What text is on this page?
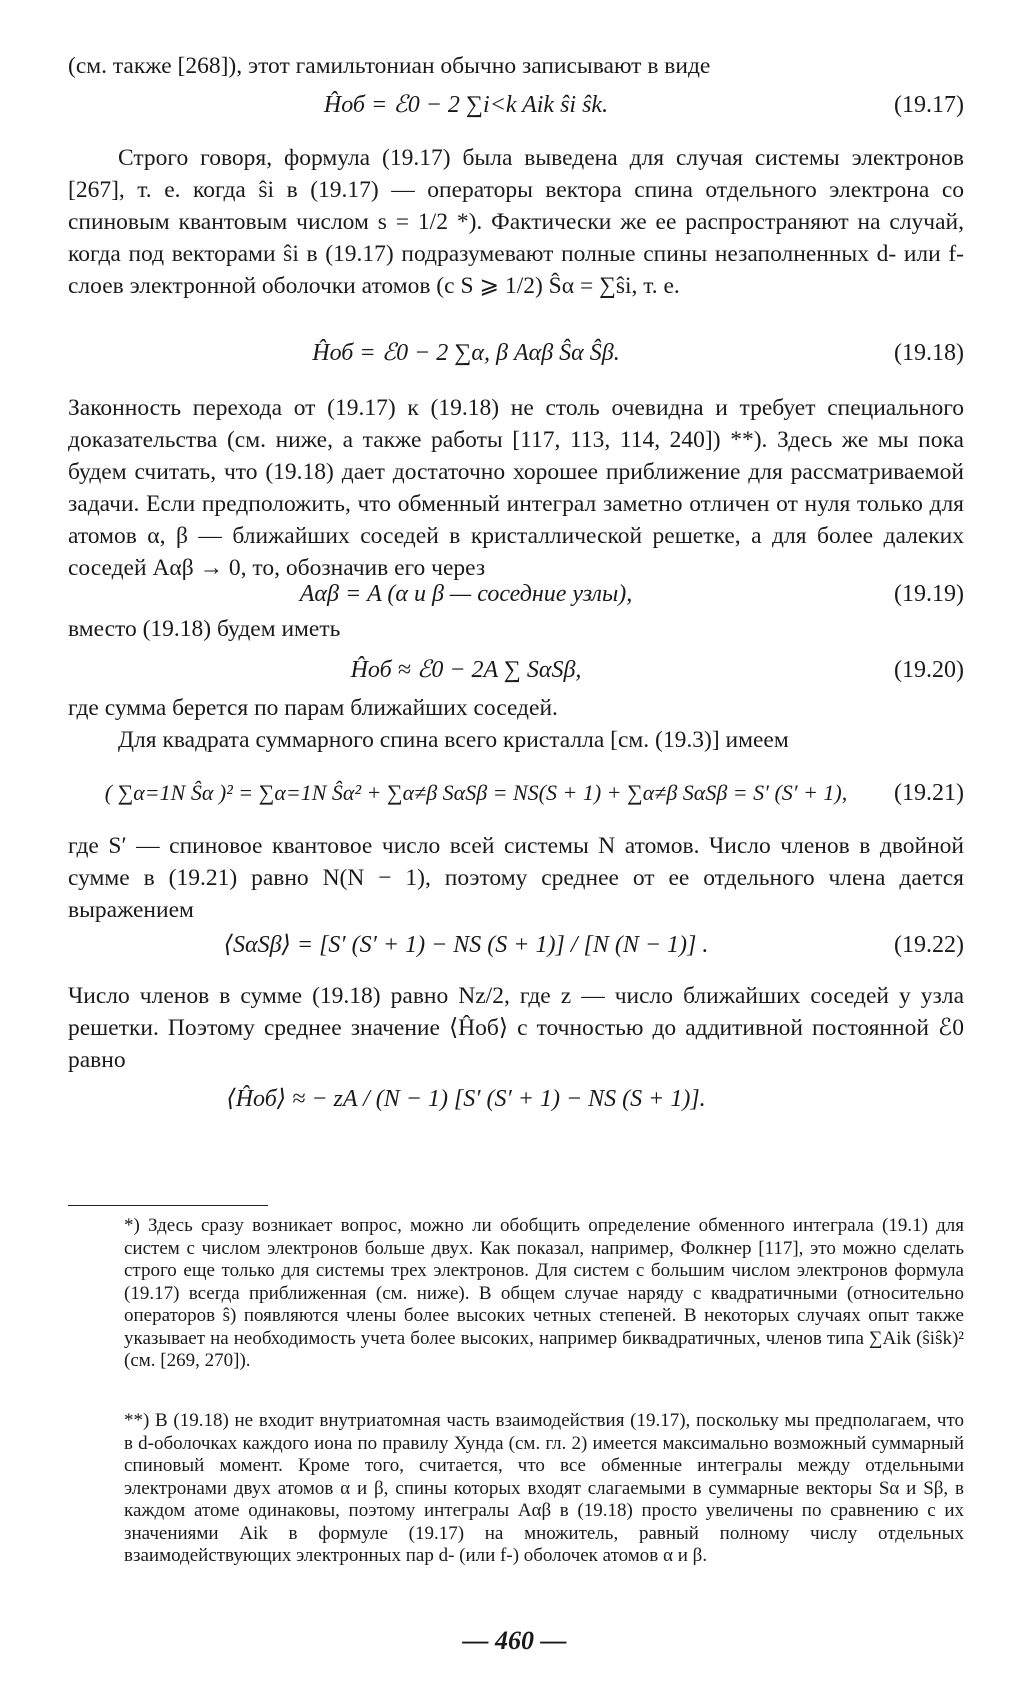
(см. также [268]), этот гамильтониан обычно записывают в виде
Ĥоб = ℰ0 − 2 ∑i<k Aik ŝi ŝk.	(19.17)
Строго говоря, формула (19.17) была выведена для случая системы электронов [267], т. е. когда ŝi в (19.17) — операторы вектора спина отдельного электрона со спиновым квантовым числом s = 1/2 *). Фактически же ее распространяют на случай, когда под векторами ŝi в (19.17) подразумевают полные спины незаполненных d- или f-слоев электронной оболочки атомов (с S ⩾ 1/2) Ŝα = ∑ŝi, т. е.
Ĥоб = ℰ0 − 2 ∑α, β Aαβ Ŝα Ŝβ.	(19.18)
Законность перехода от (19.17) к (19.18) не столь очевидна и требует специального доказательства (см. ниже, а также работы [117, 113, 114, 240]) **). Здесь же мы пока будем считать, что (19.18) дает достаточно хорошее приближение для рассматриваемой задачи. Если предположить, что обменный интеграл заметно отличен от нуля только для атомов α, β — ближайших соседей в кристаллической решетке, а для более далеких соседей Aαβ → 0, то, обозначив его через
Aαβ = A (α и β — соседние узлы),	(19.19)
вместо (19.18) будем иметь
Ĥоб ≈ ℰ0 − 2A ∑ SαSβ,	(19.20)
где сумма берется по парам ближайших соседей.
Для квадрата суммарного спина всего кристалла [см. (19.3)] имеем
( ∑α=1N Ŝα )² = ∑α=1N Ŝα² + ∑α≠β SαSβ = NS(S + 1) + ∑α≠β SαSβ = S′ (S′ + 1),	(19.21)
где S′ — спиновое квантовое число всей системы N атомов. Число членов в двойной сумме в (19.21) равно N(N − 1), поэтому среднее от ее отдельного члена дается выражением
⟨SαSβ⟩ = [S′ (S′ + 1) − NS (S + 1)] / [N (N − 1)] .	(19.22)
Число членов в сумме (19.18) равно Nz/2, где z — число ближайших соседей у узла решетки. Поэтому среднее значение ⟨Ĥоб⟩ с точностью до аддитивной постоянной ℰ0 равно
⟨Ĥоб⟩ ≈ − zA / (N − 1) [S′ (S′ + 1) − NS (S + 1)].
*) Здесь сразу возникает вопрос, можно ли обобщить определение обменного интеграла (19.1) для систем с числом электронов больше двух. Как показал, например, Фолкнер [117], это можно сделать строго еще только для системы трех электронов. Для систем с большим числом электронов формула (19.17) всегда приближенная (см. ниже). В общем случае наряду с квадратичными (относительно операторов ŝ) появляются члены более высоких четных степеней. В некоторых случаях опыт также указывает на необходимость учета более высоких, например биквадратичных, членов типа ∑Aik (ŝiŝk)² (см. [269, 270]).
**) В (19.18) не входит внутриатомная часть взаимодействия (19.17), поскольку мы предполагаем, что в d-оболочках каждого иона по правилу Хунда (см. гл. 2) имеется максимально возможный суммарный спиновый момент. Кроме того, считается, что все обменные интегралы между отдельными электронами двух атомов α и β, спины которых входят слагаемыми в суммарные векторы Sα и Sβ, в каждом атоме одинаковы, поэтому интегралы Aαβ в (19.18) просто увеличены по сравнению с их значениями Aik в формуле (19.17) на множитель, равный полному числу отдельных взаимодействующих электронных пар d- (или f-) оболочек атомов α и β.
— 460 —
